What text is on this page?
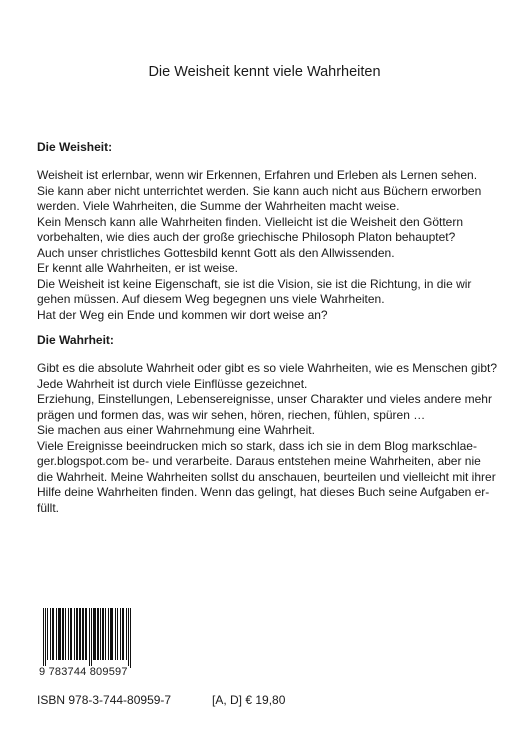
Die Weisheit kennt viele Wahrheiten
Die Weisheit:
Weisheit ist erlernbar, wenn wir Erkennen, Erfahren und Erleben als Lernen sehen.
Sie kann aber nicht unterrichtet werden. Sie kann auch nicht aus Büchern erworben
werden. Viele Wahrheiten, die Summe der Wahrheiten macht weise.
Kein Mensch kann alle Wahrheiten finden. Vielleicht ist die Weisheit den Göttern
vorbehalten, wie dies auch der große griechische Philosoph Platon behauptet?
Auch unser christliches Gottesbild kennt Gott als den Allwissenden.
Er kennt alle Wahrheiten, er ist weise.
Die Weisheit ist keine Eigenschaft, sie ist die Vision, sie ist die Richtung, in die wir
gehen müssen. Auf diesem Weg begegnen uns viele Wahrheiten.
Hat der Weg ein Ende und kommen wir dort weise an?
Die Wahrheit:
Gibt es die absolute Wahrheit oder gibt es so viele Wahrheiten, wie es Menschen gibt?
Jede Wahrheit ist durch viele Einflüsse gezeichnet.
Erziehung, Einstellungen, Lebensereignisse, unser Charakter und vieles andere mehr
prägen und formen das, was wir sehen, hören, riechen, fühlen, spüren …
Sie machen aus einer Wahrnehmung eine Wahrheit.
Viele Ereignisse beeindrucken mich so stark, dass ich sie in dem Blog markschlae-
ger.blogspot.com be- und verarbeite. Daraus entstehen meine Wahrheiten, aber nie
die Wahrheit. Meine Wahrheiten sollst du anschauen, beurteilen und vielleicht mit ihrer
Hilfe deine Wahrheiten finden. Wenn das gelingt, hat dieses Buch seine Aufgaben er-
füllt.
9 783744 809597
ISBN 978-3-744-80959-7	[A, D] € 19,80
